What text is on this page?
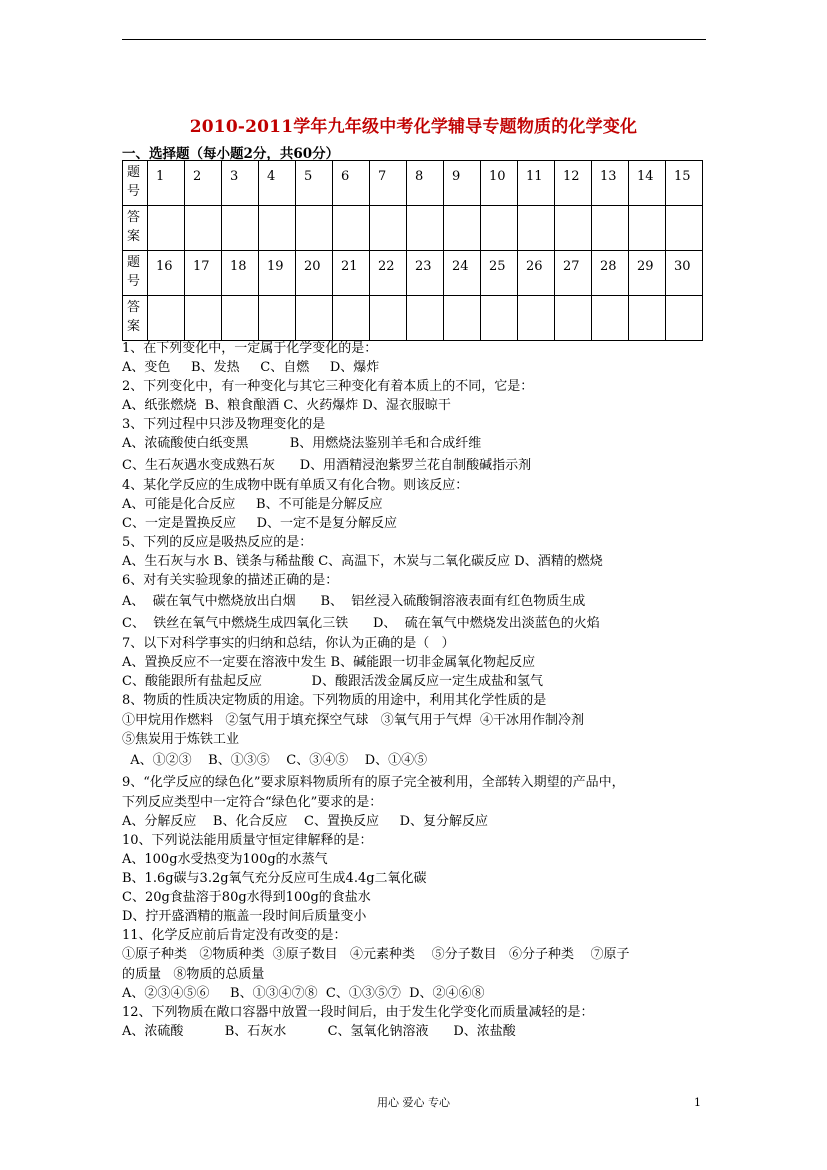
2010-2011学年九年级中考化学辅导专题物质的化学变化
一、选择题（每小题2分，共60分）
题号	1	2	3	4	5	6	7	8	9	10	11	12	13	14	15
答案															
题号	16	17	18	19	20	21	22	23	24	25	26	27	28	29	30
答案															
1、在下列变化中，一定属于化学变化的是：
A、变色     B、发热     C、自燃     D、爆炸
2、下列变化中，有一种变化与其它三种变化有着本质上的不同，它是：
A、纸张燃烧  B、粮食酿酒 C、火药爆炸 D、湿衣服晾干
3、下列过程中只涉及物理变化的是
A、浓硫酸使白纸变黑          B、用燃烧法鉴别羊毛和合成纤维
C、生石灰遇水变成熟石灰      D、用酒精浸泡紫罗兰花自制酸碱指示剂
4、某化学反应的生成物中既有单质又有化合物。则该反应：
A、可能是化合反应     B、不可能是分解反应
C、一定是置换反应     D、一定不是复分解反应
5、下列的反应是吸热反应的是：
A、生石灰与水 B、镁条与稀盐酸 C、高温下，木炭与二氧化碳反应 D、酒精的燃烧
6、对有关实验现象的描述正确的是：
A、  碳在氧气中燃烧放出白烟      B、  铝丝浸入硫酸铜溶液表面有红色物质生成
C、  铁丝在氧气中燃烧生成四氧化三铁      D、  硫在氧气中燃烧发出淡蓝色的火焰
7、以下对科学事实的归纳和总结，你认为正确的是（   ）
A、置换反应不一定要在溶液中发生 B、碱能跟一切非金属氧化物起反应
C、酸能跟所有盐起反应            D、酸跟活泼金属反应一定生成盐和氢气
8、物质的性质决定物质的用途。下列物质的用途中，利用其化学性质的是
①甲烷用作燃料   ②氢气用于填充探空气球   ③氧气用于气焊  ④干冰用作制冷剂
⑤焦炭用于炼铁工业
A、①②③    B、①③⑤    C、③④⑤    D、①④⑤
9、“化学反应的绿色化”要求原料物质所有的原子完全被利用，全部转入期望的产品中，
下列反应类型中一定符合“绿色化”要求的是：
A、分解反应    B、化合反应    C、置换反应     D、复分解反应
10、下列说法能用质量守恒定律解释的是：
A、100g水受热变为100g的水蒸气
B、1.6g碳与3.2g氧气充分反应可生成4.4g二氧化碳
C、20g食盐溶于80g水得到100g的食盐水
D、拧开盛酒精的瓶盖一段时间后质量变小
11、化学反应前后肯定没有改变的是：
①原子种类   ②物质种类  ③原子数目   ④元素种类    ⑤分子数目   ⑥分子种类    ⑦原子
的质量   ⑧物质的总质量
A、②③④⑤⑥     B、①③④⑦⑧  C、①③⑤⑦  D、②④⑥⑧
12、下列物质在敞口容器中放置一段时间后，由于发生化学变化而质量减轻的是：
A、浓硫酸          B、石灰水          C、氢氧化钠溶液      D、浓盐酸
用心 爱心 专心	1
